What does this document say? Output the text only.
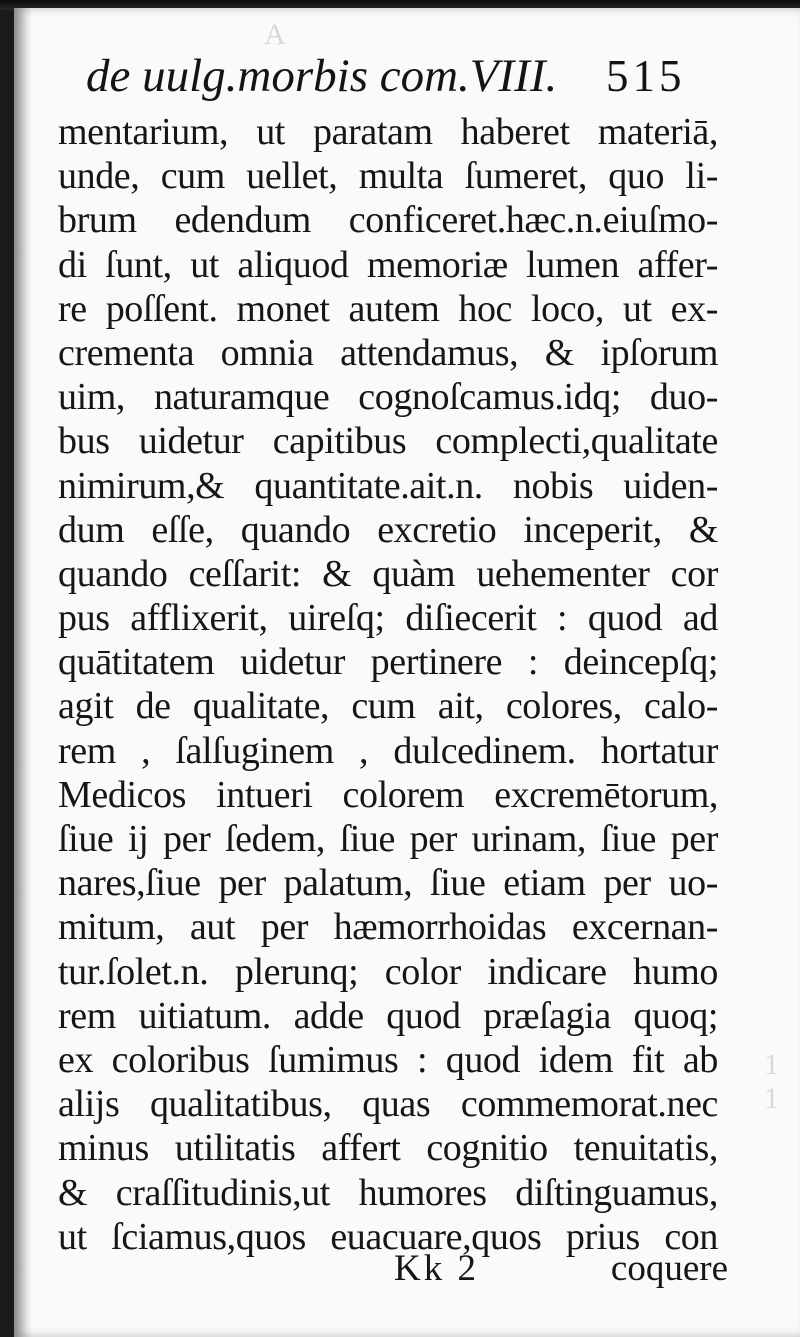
A
1 1
de uulg.morbis com.VIII. 515
mentarium, ut paratam haberet materiā,
unde, cum uellet, multa ſumeret, quo li-
brum edendum conficeret.hæc.n.eiuſmo-
di ſunt, ut aliquod memoriæ lumen affer-
re poſſent. monet autem hoc loco, ut ex-
crementa omnia attendamus, & ipſorum
uim, naturamque cognoſcamus.idq; duo-
bus uidetur capitibus complecti,qualitate
nimirum,& quantitate.ait.n. nobis uiden-
dum eſſe, quando excretio inceperit, &
quando ceſſarit: & quàm uehementer cor
pus afflixerit, uireſq; diſiecerit : quod ad
quātitatem uidetur pertinere : deincepſq;
agit de qualitate, cum ait, colores, calo-
rem , ſalſuginem , dulcedinem. hortatur
Medicos intueri colorem excremētorum,
ſiue ij per ſedem, ſiue per urinam, ſiue per
nares,ſiue per palatum, ſiue etiam per uo-
mitum, aut per hæmorrhoidas excernan-
tur.ſolet.n. plerunq; color indicare humo
rem uitiatum. adde quod præſagia quoq;
ex coloribus ſumimus : quod idem fit ab
alijs qualitatibus, quas commemorat.nec
minus utilitatis affert cognitio tenuitatis,
& craſſitudinis,ut humores diſtinguamus,
ut ſciamus,quos euacuare,quos prius con
Kk 2	coquere
